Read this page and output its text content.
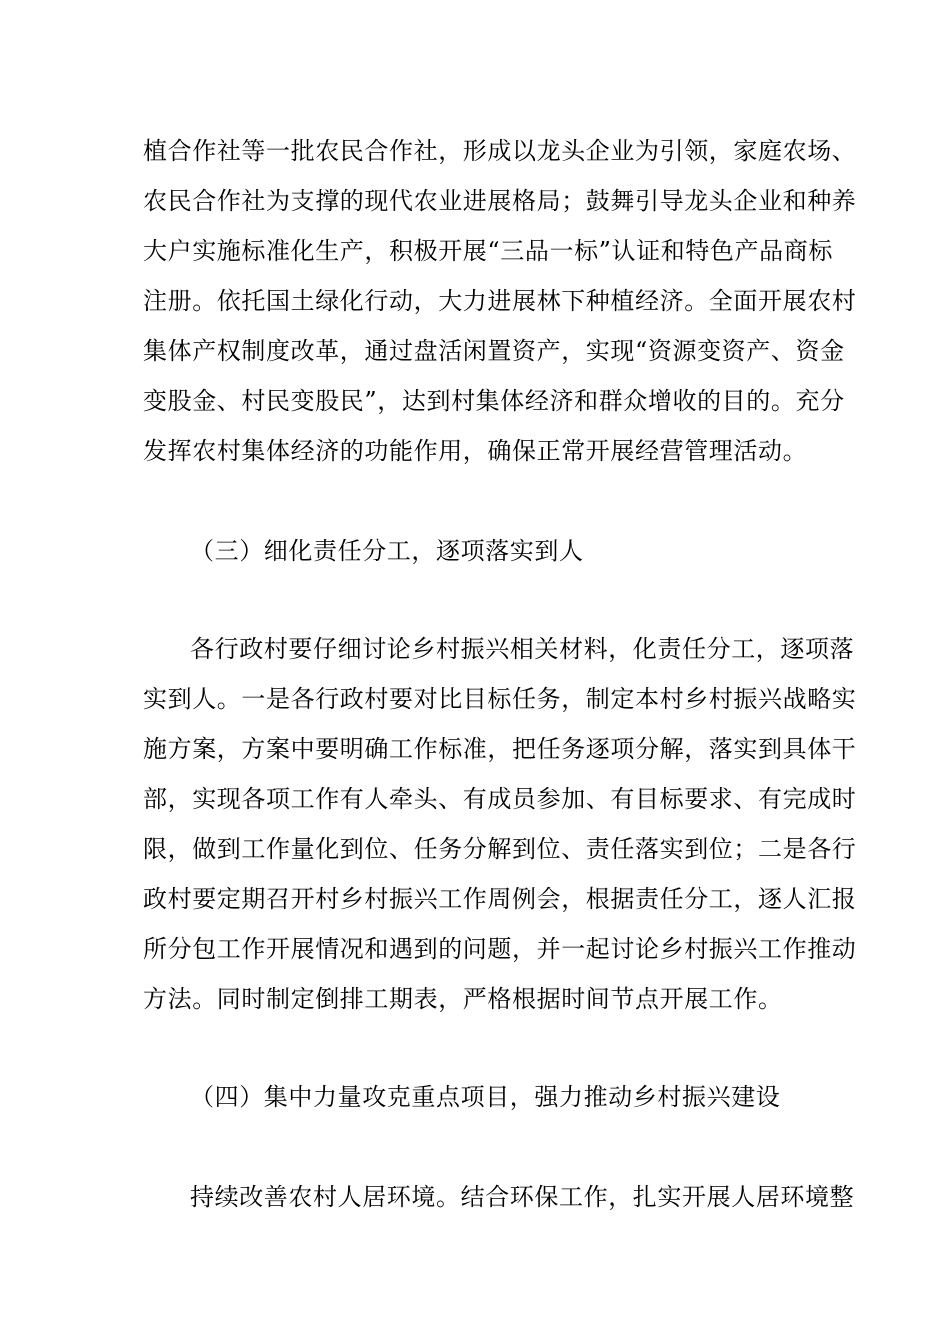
植合作社等一批农民合作社，形成以龙头企业为引领，家庭农场、
农民合作社为支撑的现代农业进展格局；鼓舞引导龙头企业和种养
大户实施标准化生产，积极开展“三品一标”认证和特色产品商标
注册。依托国土绿化行动，大力进展林下种植经济。全面开展农村
集体产权制度改革，通过盘活闲置资产，实现“资源变资产、资金
变股金、村民变股民”，达到村集体经济和群众增收的目的。充分
发挥农村集体经济的功能作用，确保正常开展经营管理活动。
（三）细化责任分工，逐项落实到人
各行政村要仔细讨论乡村振兴相关材料，化责任分工，逐项落
实到人。一是各行政村要对比目标任务，制定本村乡村振兴战略实
施方案，方案中要明确工作标准，把任务逐项分解，落实到具体干
部，实现各项工作有人牵头、有成员参加、有目标要求、有完成时
限，做到工作量化到位、任务分解到位、责任落实到位；二是各行
政村要定期召开村乡村振兴工作周例会，根据责任分工，逐人汇报
所分包工作开展情况和遇到的问题，并一起讨论乡村振兴工作推动
方法。同时制定倒排工期表，严格根据时间节点开展工作。
（四）集中力量攻克重点项目，强力推动乡村振兴建设
持续改善农村人居环境。结合环保工作，扎实开展人居环境整
